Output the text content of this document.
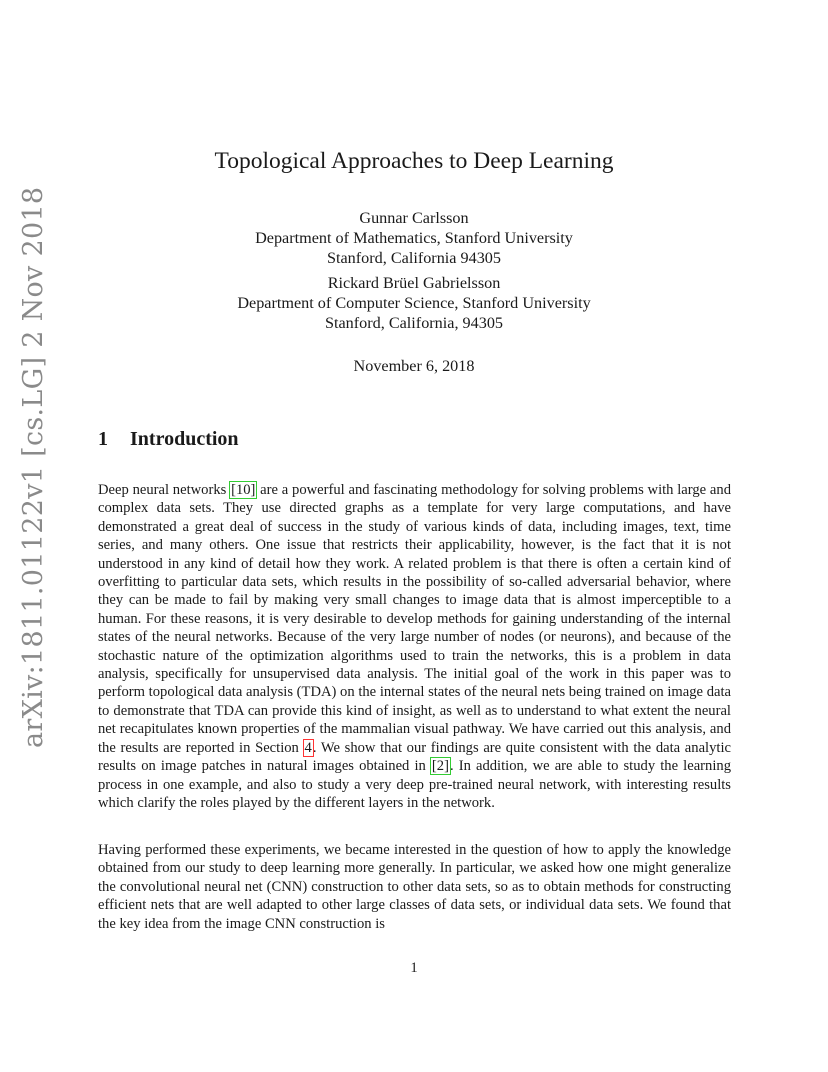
arXiv:1811.01122v1 [cs.LG] 2 Nov 2018
Topological Approaches to Deep Learning
Gunnar Carlsson
Department of Mathematics, Stanford University
Stanford, California 94305
Rickard Brüel Gabrielsson
Department of Computer Science, Stanford University
Stanford, California, 94305
November 6, 2018
1 Introduction

Deep neural networks [10] are a powerful and fascinating methodology for solving problems with large and complex data sets. They use directed graphs as a template for very large computations, and have demonstrated a great deal of success in the study of various kinds of data, including images, text, time series, and many others. One issue that restricts their applicability, however, is the fact that it is not understood in any kind of detail how they work. A related problem is that there is often a certain kind of overfitting to particular data sets, which results in the possibility of so-called adversarial behavior, where they can be made to fail by making very small changes to image data that is almost imperceptible to a human. For these reasons, it is very desirable to develop methods for gaining understanding of the internal states of the neural networks. Because of the very large number of nodes (or neurons), and because of the stochastic nature of the optimization algorithms used to train the networks, this is a problem in data analysis, specifically for unsupervised data analysis. The initial goal of the work in this paper was to perform topological data analysis (TDA) on the internal states of the neural nets being trained on image data to demonstrate that TDA can provide this kind of insight, as well as to understand to what extent the neural net recapitulates known properties of the mammalian visual pathway. We have carried out this analysis, and the results are reported in Section 4. We show that our findings are quite consistent with the data analytic results on image patches in natural images obtained in [2]. In addition, we are able to study the learning process in one example, and also to study a very deep pre-trained neural network, with interesting results which clarify the roles played by the different layers in the network.

Having performed these experiments, we became interested in the question of how to apply the knowledge obtained from our study to deep learning more generally. In particular, we asked how one might generalize the convolutional neural net (CNN) construction to other data sets, so as to obtain methods for constructing efficient nets that are well adapted to other large classes of data sets, or individual data sets. We found that the key idea from the image CNN construction is

1
